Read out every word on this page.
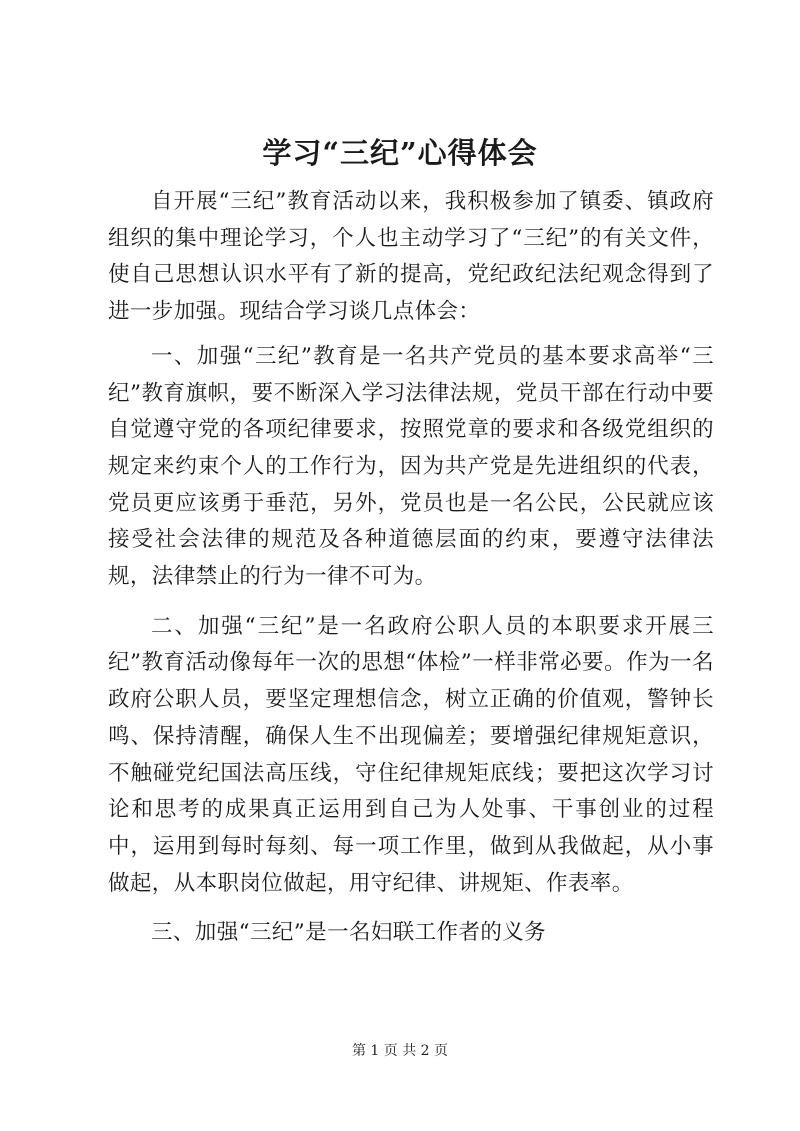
学习“三纪”心得体会

自开展“三纪”教育活动以来，我积极参加了镇委、镇政府组织的集中理论学习，个人也主动学习了“三纪”的有关文件，使自己思想认识水平有了新的提高，党纪政纪法纪观念得到了进一步加强。现结合学习谈几点体会：

一、加强“三纪”教育是一名共产党员的基本要求高举“三纪”教育旗帜，要不断深入学习法律法规，党员干部在行动中要自觉遵守党的各项纪律要求，按照党章的要求和各级党组织的规定来约束个人的工作行为，因为共产党是先进组织的代表，党员更应该勇于垂范，另外，党员也是一名公民，公民就应该接受社会法律的规范及各种道德层面的约束，要遵守法律法规，法律禁止的行为一律不可为。

二、加强“三纪”是一名政府公职人员的本职要求开展三纪”教育活动像每年一次的思想“体检”一样非常必要。作为一名政府公职人员，要坚定理想信念，树立正确的价值观，警钟长鸣、保持清醒，确保人生不出现偏差；要增强纪律规矩意识，不触碰党纪国法高压线，守住纪律规矩底线；要把这次学习讨论和思考的成果真正运用到自己为人处事、干事创业的过程中，运用到每时每刻、每一项工作里，做到从我做起，从小事做起，从本职岗位做起，用守纪律、讲规矩、作表率。

三、加强“三纪”是一名妇联工作者的义务

第 1 页 共 2 页
